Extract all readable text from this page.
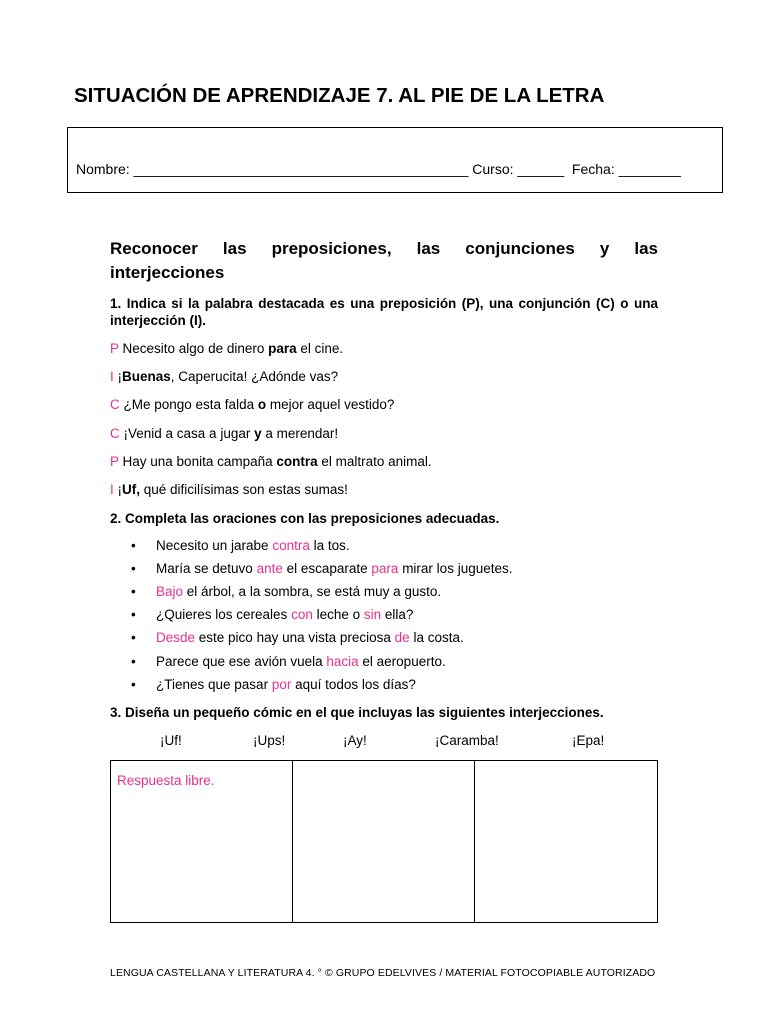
SITUACIÓN DE APRENDIZAJE 7. AL PIE DE LA LETRA
Nombre: ___________________________________________ Curso: ______ Fecha: ________
Reconocer las preposiciones, las conjunciones y las
interjecciones
1. Indica si la palabra destacada es una preposición (P), una conjunción (C) o una interjección (I).
P Necesito algo de dinero para el cine.
I ¡Buenas, Caperucita! ¿Adónde vas?
C ¿Me pongo esta falda o mejor aquel vestido?
C ¡Venid a casa a jugar y a merendar!
P Hay una bonita campaña contra el maltrato animal.
I ¡Uf, qué dificilísimas son estas sumas!
2. Completa las oraciones con las preposiciones adecuadas.
• Necesito un jarabe contra la tos.
• María se detuvo ante el escaparate para mirar los juguetes.
• Bajo el árbol, a la sombra, se está muy a gusto.
• ¿Quieres los cereales con leche o sin ella?
• Desde este pico hay una vista preciosa de la costa.
• Parece que ese avión vuela hacia el aeropuerto.
• ¿Tienes que pasar por aquí todos los días?
3. Diseña un pequeño cómic en el que incluyas las siguientes interjecciones.
¡Uf!	¡Ups!	¡Ay!	¡Caramba!	¡Epa!
Respuesta libre.
LENGUA CASTELLANA Y LITERATURA 4. ° © GRUPO EDELVIVES / MATERIAL FOTOCOPIABLE AUTORIZADO
